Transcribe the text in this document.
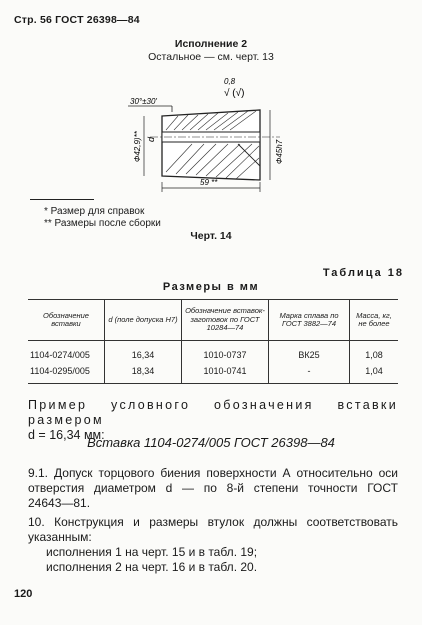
Стр. 56 ГОСТ 26398—84
Исполнение 2
Остальное — см. черт. 13
0,8
√ (√)
30°±30'
Ф42,9)** d
Ф45h7
59 **
* Размер для справок
** Размеры после сборки
Черт. 14
Таблица 18
Размеры в мм
Обозначение вставки	d (поле допуска H7)	Обозначение вставок-заготовок по ГОСТ 10284—74	Марка сплава по ГОСТ 3882—74	Масса, кг, не более
1104-0274/005	16,34	1010-0737	ВК25	1,08
1104-0295/005	18,34	1010-0741	-	1,04
Пример условного обозначения вставки размером
d = 16,34 мм:
Вставка 1104-0274/005 ГОСТ 26398—84
9.1. Допуск торцового биения поверхности А относительно оси
отверстия диаметром d — по 8-й степени точности ГОСТ
24643—81.
10. Конструкция и размеры втулок должны соответствовать
указанным:
исполнения 1 на черт. 15 и в табл. 19;
исполнения 2 на черт. 16 и в табл. 20.
120
